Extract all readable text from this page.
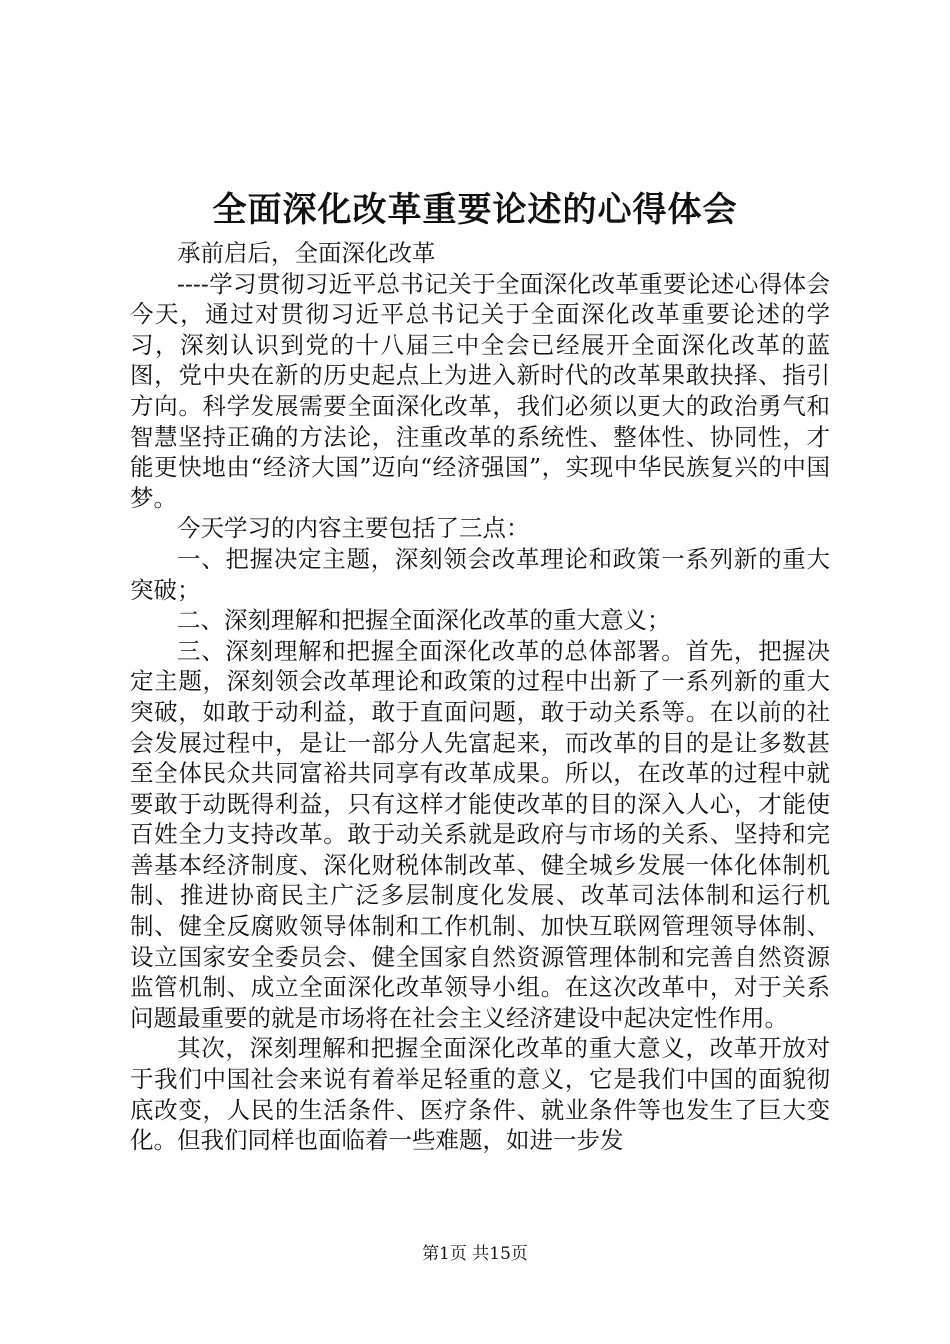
全面深化改革重要论述的心得体会

承前启后，全面深化改革

----学习贯彻习近平总书记关于全面深化改革重要论述心得体会今天，通过对贯彻习近平总书记关于全面深化改革重要论述的学习，深刻认识到党的十八届三中全会已经展开全面深化改革的蓝图，党中央在新的历史起点上为进入新时代的改革果敢抉择、指引方向。科学发展需要全面深化改革，我们必须以更大的政治勇气和智慧坚持正确的方法论，注重改革的系统性、整体性、协同性，才能更快地由“经济大国”迈向“经济强国”，实现中华民族复兴的中国梦。

今天学习的内容主要包括了三点：

一、把握决定主题，深刻领会改革理论和政策一系列新的重大突破；

二、深刻理解和把握全面深化改革的重大意义；

三、深刻理解和把握全面深化改革的总体部署。首先，把握决定主题，深刻领会改革理论和政策的过程中出新了一系列新的重大突破，如敢于动利益，敢于直面问题，敢于动关系等。在以前的社会发展过程中，是让一部分人先富起来，而改革的目的是让多数甚至全体民众共同富裕共同享有改革成果。所以，在改革的过程中就要敢于动既得利益，只有这样才能使改革的目的深入人心，才能使百姓全力支持改革。敢于动关系就是政府与市场的关系、坚持和完善基本经济制度、深化财税体制改革、健全城乡发展一体化体制机制、推进协商民主广泛多层制度化发展、改革司法体制和运行机制、健全反腐败领导体制和工作机制、加快互联网管理领导体制、设立国家安全委员会、健全国家自然资源管理体制和完善自然资源监管机制、成立全面深化改革领导小组。在这次改革中，对于关系问题最重要的就是市场将在社会主义经济建设中起决定性作用。

其次，深刻理解和把握全面深化改革的重大意义，改革开放对于我们中国社会来说有着举足轻重的意义，它是我们中国的面貌彻底改变，人民的生活条件、医疗条件、就业条件等也发生了巨大变化。但我们同样也面临着一些难题，如进一步发

第1页 共15页
